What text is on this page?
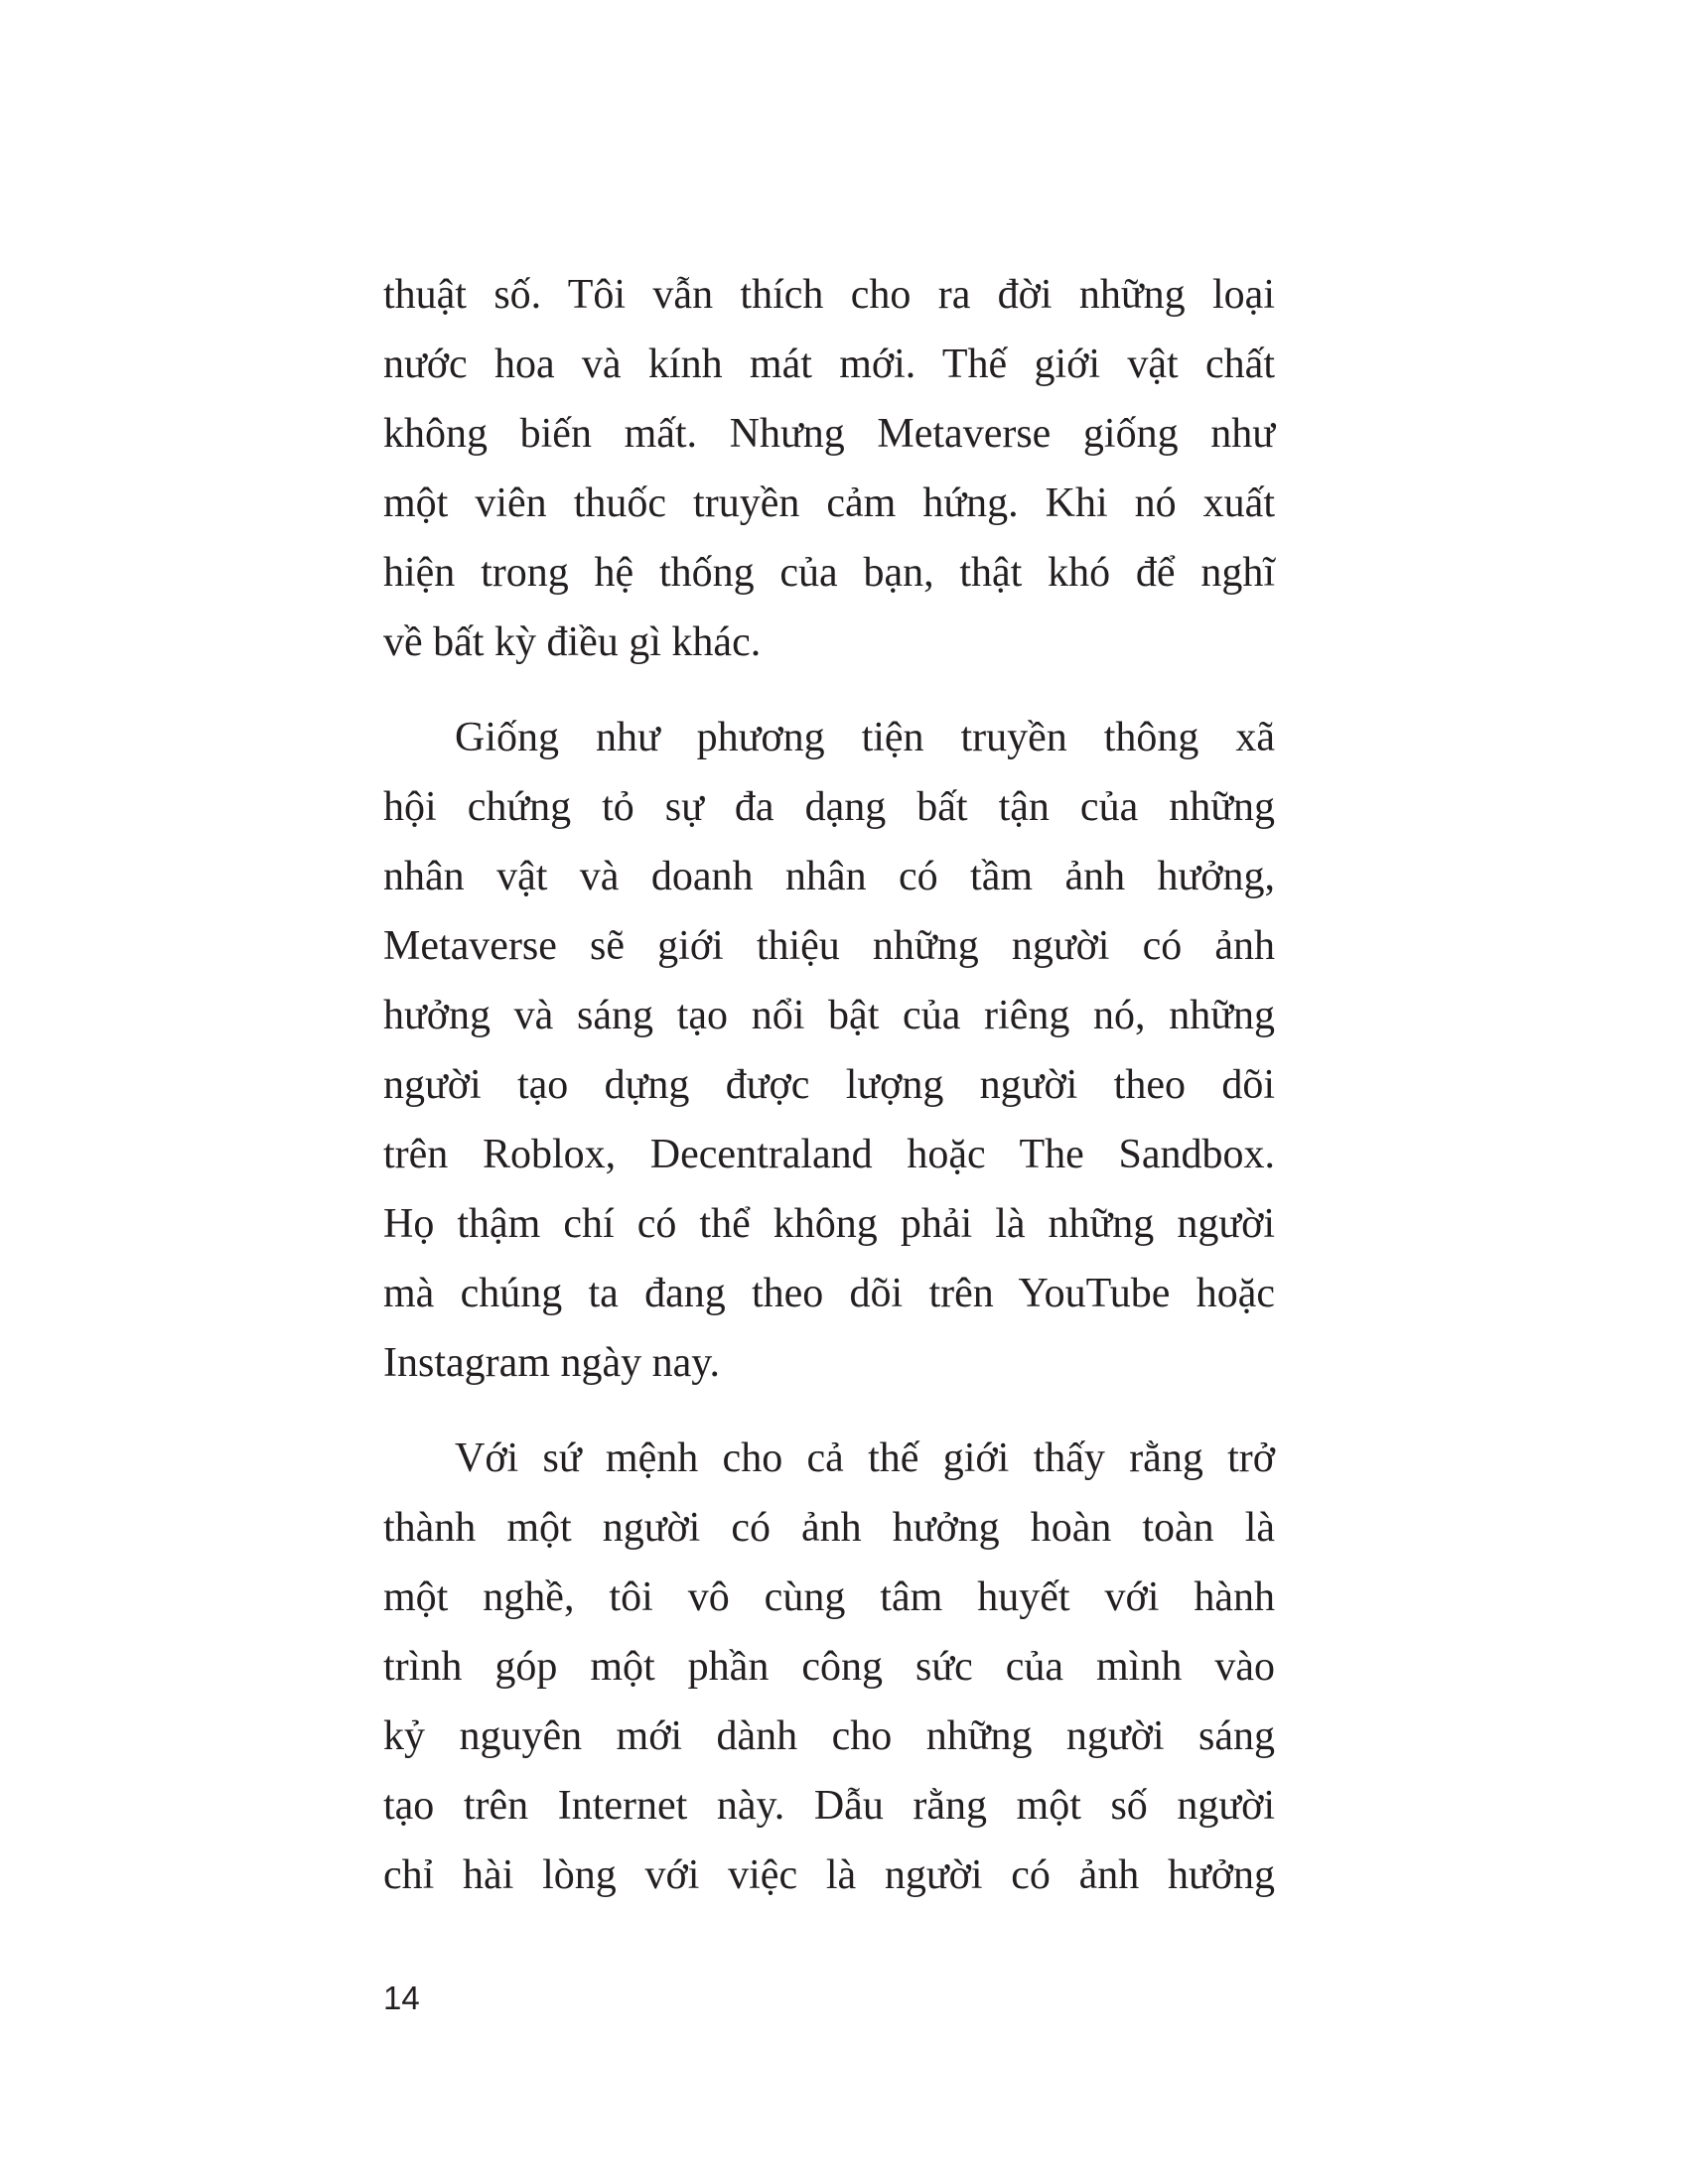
thuật số. Tôi vẫn thích cho ra đời những loại
nước hoa và kính mát mới. Thế giới vật chất
không biến mất. Nhưng Metaverse giống như
một viên thuốc truyền cảm hứng. Khi nó xuất
hiện trong hệ thống của bạn, thật khó để nghĩ
về bất kỳ điều gì khác.
Giống như phương tiện truyền thông xã
hội chứng tỏ sự đa dạng bất tận của những
nhân vật và doanh nhân có tầm ảnh hưởng,
Metaverse sẽ giới thiệu những người có ảnh
hưởng và sáng tạo nổi bật của riêng nó, những
người tạo dựng được lượng người theo dõi
trên Roblox, Decentraland hoặc The Sandbox.
Họ thậm chí có thể không phải là những người
mà chúng ta đang theo dõi trên YouTube hoặc
Instagram ngày nay.
Với sứ mệnh cho cả thế giới thấy rằng trở
thành một người có ảnh hưởng hoàn toàn là
một nghề, tôi vô cùng tâm huyết với hành
trình góp một phần công sức của mình vào
kỷ nguyên mới dành cho những người sáng
tạo trên Internet này. Dẫu rằng một số người
chỉ hài lòng với việc là người có ảnh hưởng
14
